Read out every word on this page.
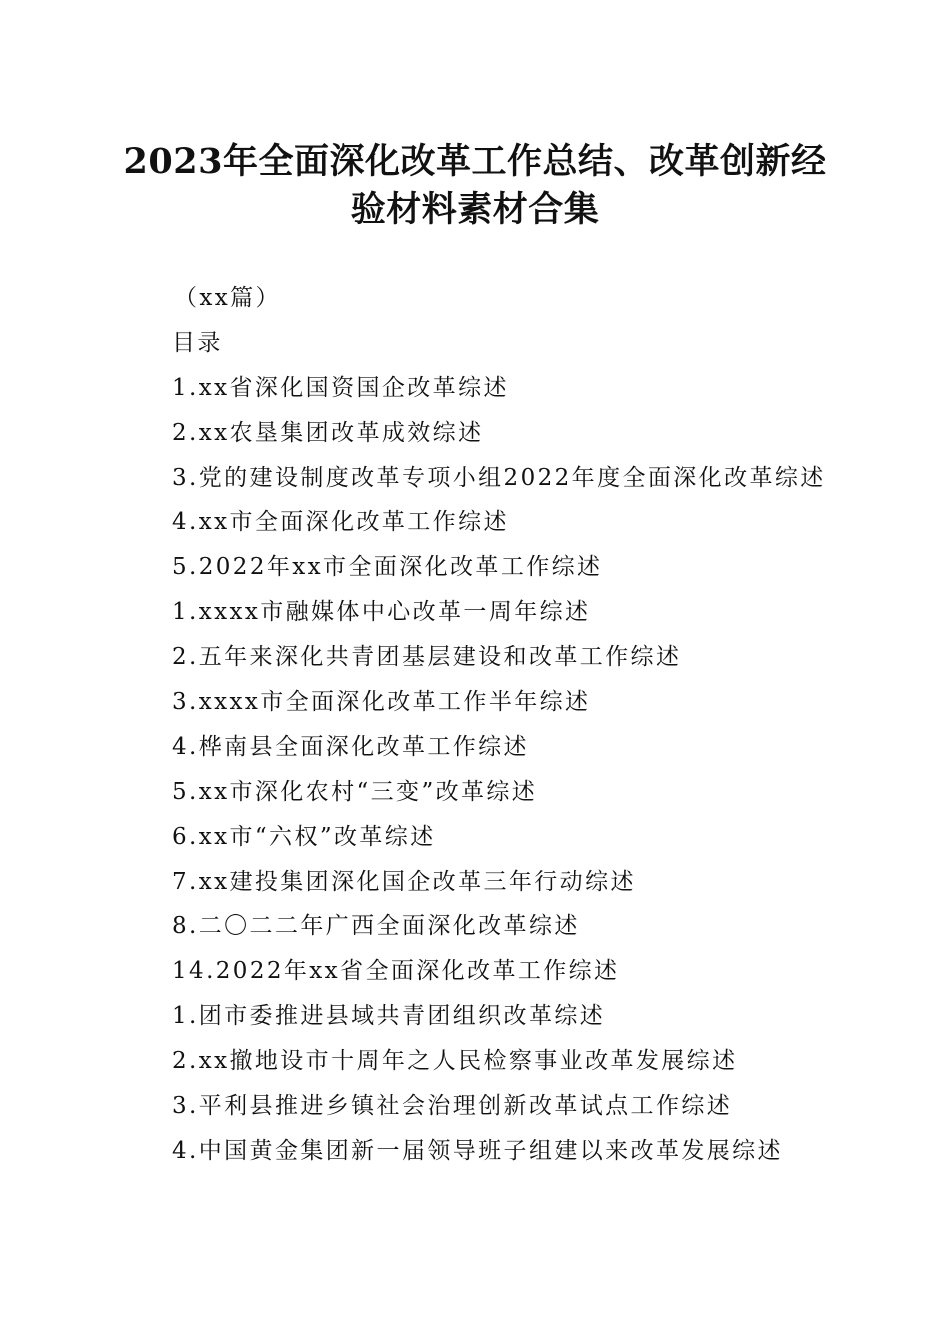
2023年全面深化改革工作总结、改革创新经
验材料素材合集
（xx篇）
目录
1.xx省深化国资国企改革综述
2.xx农垦集团改革成效综述
3.党的建设制度改革专项小组2022年度全面深化改革综述
4.xx市全面深化改革工作综述
5.2022年xx市全面深化改革工作综述
1.xxxx市融媒体中心改革一周年综述
2.五年来深化共青团基层建设和改革工作综述
3.xxxx市全面深化改革工作半年综述
4.桦南县全面深化改革工作综述
5.xx市深化农村“三变”改革综述
6.xx市“六权”改革综述
7.xx建投集团深化国企改革三年行动综述
8.二〇二二年广西全面深化改革综述
14.2022年xx省全面深化改革工作综述
1.团市委推进县域共青团组织改革综述
2.xx撤地设市十周年之人民检察事业改革发展综述
3.平利县推进乡镇社会治理创新改革试点工作综述
4.中国黄金集团新一届领导班子组建以来改革发展综述
